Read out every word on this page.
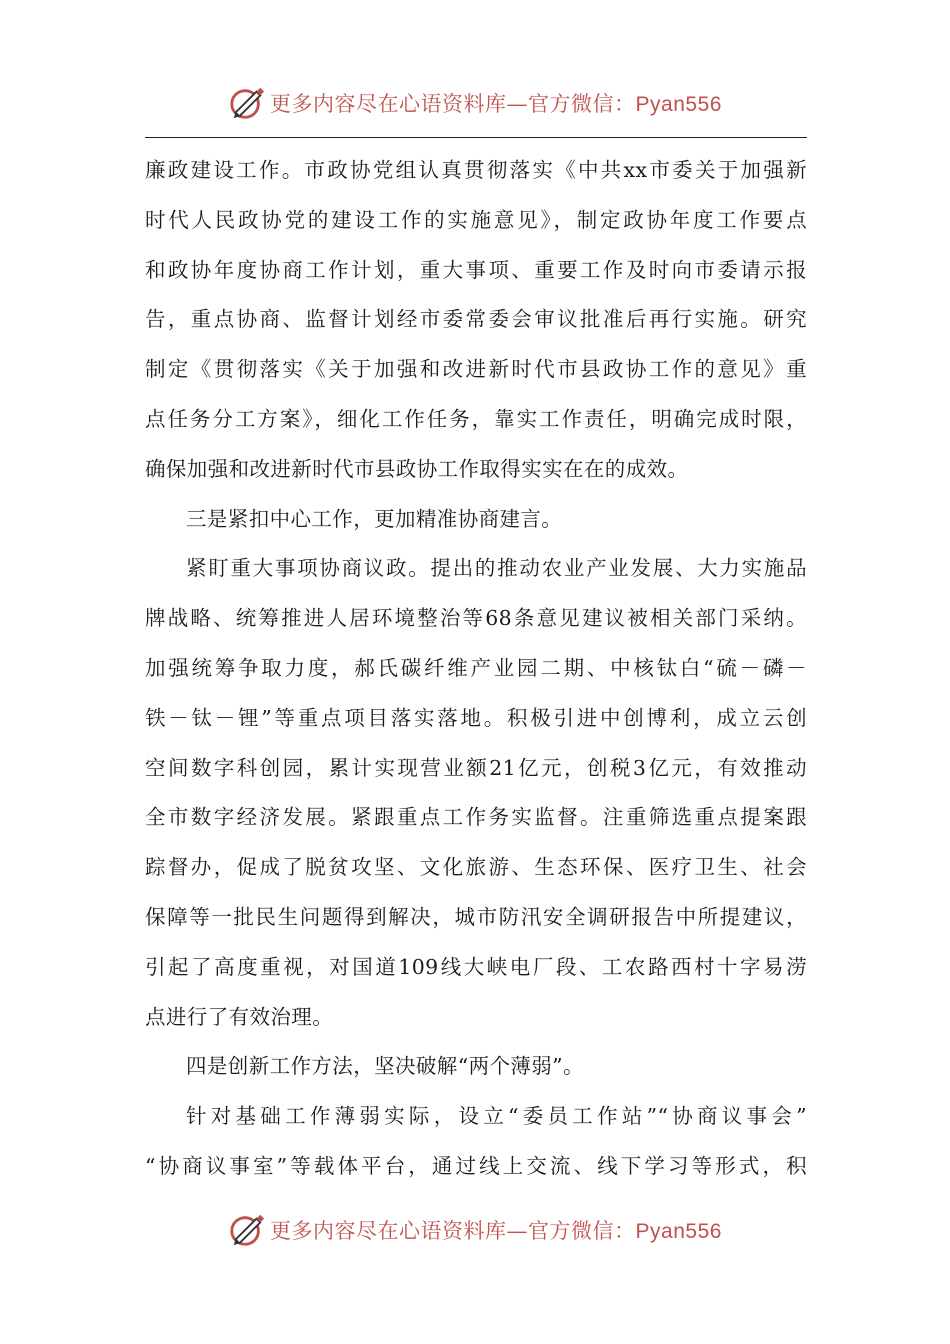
更多内容尽在心语资料库—官方微信：Pyan556
廉政建设工作。市政协党组认真贯彻落实《中共xx市委关于加强新
时代人民政协党的建设工作的实施意见》，制定政协年度工作要点
和政协年度协商工作计划，重大事项、重要工作及时向市委请示报
告，重点协商、监督计划经市委常委会审议批准后再行实施。研究
制定《贯彻落实《关于加强和改进新时代市县政协工作的意见》重
点任务分工方案》，细化工作任务，靠实工作责任，明确完成时限，
确保加强和改进新时代市县政协工作取得实实在在的成效。
三是紧扣中心工作，更加精准协商建言。
紧盯重大事项协商议政。提出的推动农业产业发展、大力实施品
牌战略、统筹推进人居环境整治等68条意见建议被相关部门采纳。
加强统筹争取力度，郝氏碳纤维产业园二期、中核钛白“硫－磷－
铁－钛－锂”等重点项目落实落地。积极引进中创博利，成立云创
空间数字科创园，累计实现营业额21亿元，创税3亿元，有效推动
全市数字经济发展。紧跟重点工作务实监督。注重筛选重点提案跟
踪督办，促成了脱贫攻坚、文化旅游、生态环保、医疗卫生、社会
保障等一批民生问题得到解决，城市防汛安全调研报告中所提建议，
引起了高度重视，对国道109线大峡电厂段、工农路西村十字易涝
点进行了有效治理。
四是创新工作方法，坚决破解“两个薄弱”。
针对基础工作薄弱实际，设立“委员工作站”“协商议事会”
“协商议事室”等载体平台，通过线上交流、线下学习等形式，积
更多内容尽在心语资料库—官方微信：Pyan556
